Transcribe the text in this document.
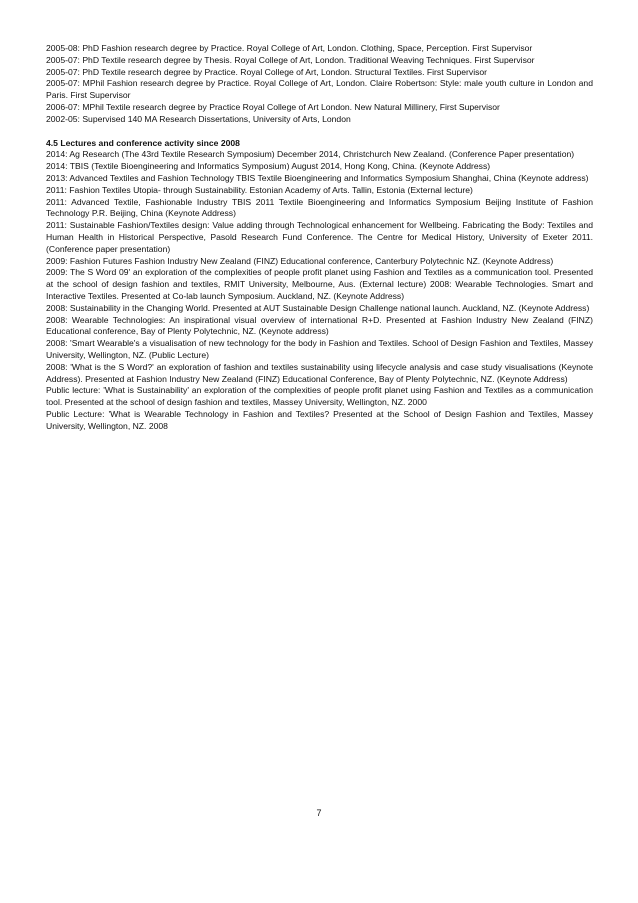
2005-08: PhD Fashion research degree by Practice. Royal College of Art, London. Clothing, Space, Perception. First Supervisor

2005-07: PhD Textile research degree by Thesis. Royal College of Art, London. Traditional Weaving Techniques. First Supervisor

2005-07: PhD Textile research degree by Practice. Royal College of Art, London. Structural Textiles. First Supervisor

2005-07: MPhil Fashion research degree by Practice. Royal College of Art, London. Claire Robertson: Style: male youth culture in London and Paris. First Supervisor

2006-07: MPhil Textile research degree by Practice Royal College of Art London. New Natural Millinery, First Supervisor

2002-05: Supervised 140 MA Research Dissertations, University of Arts, London

4.5 Lectures and conference activity since 2008

2014: Ag Research (The 43rd Textile Research Symposium) December 2014, Christchurch New Zealand. (Conference Paper presentation)

2014: TBIS (Textile Bioengineering and Informatics Symposium) August 2014, Hong Kong, China. (Keynote Address)

2013: Advanced Textiles and Fashion Technology TBIS Textile Bioengineering and Informatics Symposium Shanghai, China (Keynote address)

2011: Fashion Textiles Utopia- through Sustainability. Estonian Academy of Arts. Tallin, Estonia (External lecture)

2011: Advanced Textile, Fashionable Industry TBIS 2011 Textile Bioengineering and Informatics Symposium Beijing Institute of Fashion Technology P.R. Beijing, China (Keynote Address)

2011: Sustainable Fashion/Textiles design: Value adding through Technological enhancement for Wellbeing. Fabricating the Body: Textiles and Human Health in Historical Perspective, Pasold Research Fund Conference. The Centre for Medical History, University of Exeter 2011. (Conference paper presentation)

2009: Fashion Futures Fashion Industry New Zealand (FINZ) Educational conference, Canterbury Polytechnic NZ. (Keynote Address)

2009: The S Word 09' an exploration of the complexities of people profit planet using Fashion and Textiles as a communication tool. Presented at the school of design fashion and textiles, RMIT University, Melbourne, Aus. (External lecture) 2008: Wearable Technologies. Smart and Interactive Textiles. Presented at Co-lab launch Symposium. Auckland, NZ. (Keynote Address)

2008: Sustainability in the Changing World. Presented at AUT Sustainable Design Challenge national launch. Auckland, NZ. (Keynote Address)

2008: Wearable Technologies: An inspirational visual overview of international R+D. Presented at Fashion Industry New Zealand (FINZ) Educational conference, Bay of Plenty Polytechnic, NZ. (Keynote address)

2008: 'Smart Wearable's a visualisation of new technology for the body in Fashion and Textiles. School of Design Fashion and Textiles, Massey University, Wellington, NZ. (Public Lecture)

2008: 'What is the S Word?' an exploration of fashion and textiles sustainability using lifecycle analysis and case study visualisations (Keynote Address). Presented at Fashion Industry New Zealand (FINZ) Educational Conference, Bay of Plenty Polytechnic, NZ. (Keynote Address)

Public lecture: 'What is Sustainability' an exploration of the complexities of people profit planet using Fashion and Textiles as a communication tool. Presented at the school of design fashion and textiles, Massey University, Wellington, NZ. 2000

Public Lecture: 'What is Wearable Technology in Fashion and Textiles? Presented at the School of Design Fashion and Textiles, Massey University, Wellington, NZ. 2008

7
